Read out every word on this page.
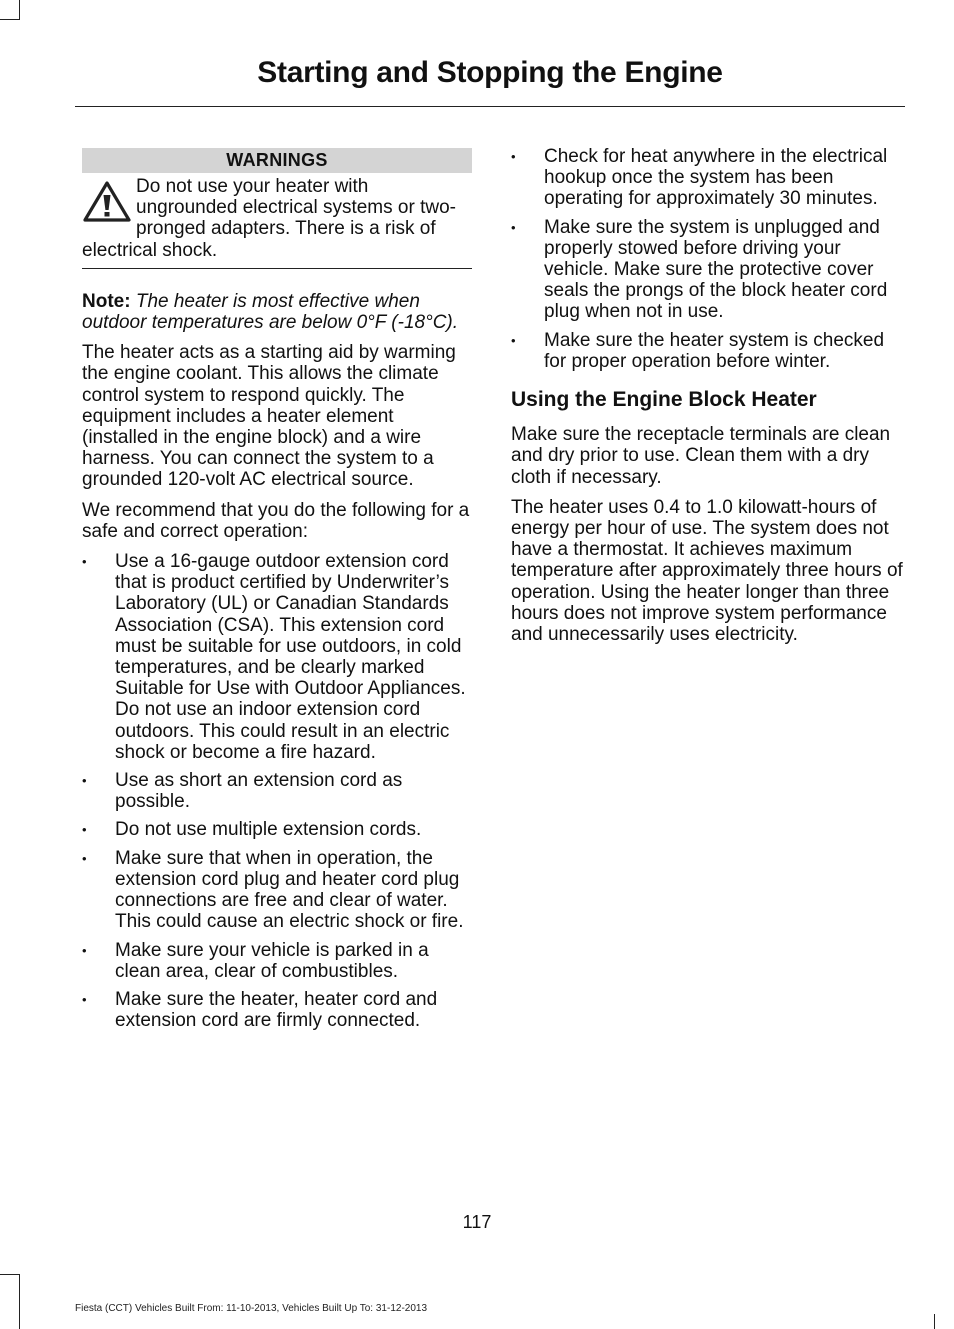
Starting and Stopping the Engine
WARNINGS
Do not use your heater with ungrounded electrical systems or two-pronged adapters. There is a risk of electrical shock.

Note: The heater is most effective when outdoor temperatures are below 0°F (-18°C).

The heater acts as a starting aid by warming the engine coolant. This allows the climate control system to respond quickly. The equipment includes a heater element (installed in the engine block) and a wire harness. You can connect the system to a grounded 120-volt AC electrical source.

We recommend that you do the following for a safe and correct operation:

• Use a 16-gauge outdoor extension cord that is product certified by Underwriter’s Laboratory (UL) or Canadian Standards Association (CSA). This extension cord must be suitable for use outdoors, in cold temperatures, and be clearly marked Suitable for Use with Outdoor Appliances. Do not use an indoor extension cord outdoors. This could result in an electric shock or become a fire hazard.
• Use as short an extension cord as possible.
• Do not use multiple extension cords.
• Make sure that when in operation, the extension cord plug and heater cord plug connections are free and clear of water. This could cause an electric shock or fire.
• Make sure your vehicle is parked in a clean area, clear of combustibles.
• Make sure the heater, heater cord and extension cord are firmly connected.
• Check for heat anywhere in the electrical hookup once the system has been operating for approximately 30 minutes.
• Make sure the system is unplugged and properly stowed before driving your vehicle. Make sure the protective cover seals the prongs of the block heater cord plug when not in use.
• Make sure the heater system is checked for proper operation before winter.
Using the Engine Block Heater

Make sure the receptacle terminals are clean and dry prior to use. Clean them with a dry cloth if necessary.

The heater uses 0.4 to 1.0 kilowatt-hours of energy per hour of use. The system does not have a thermostat. It achieves maximum temperature after approximately three hours of operation. Using the heater longer than three hours does not improve system performance and unnecessarily uses electricity.

117
Fiesta (CCT) Vehicles Built From: 11-10-2013, Vehicles Built Up To: 31-12-2013
